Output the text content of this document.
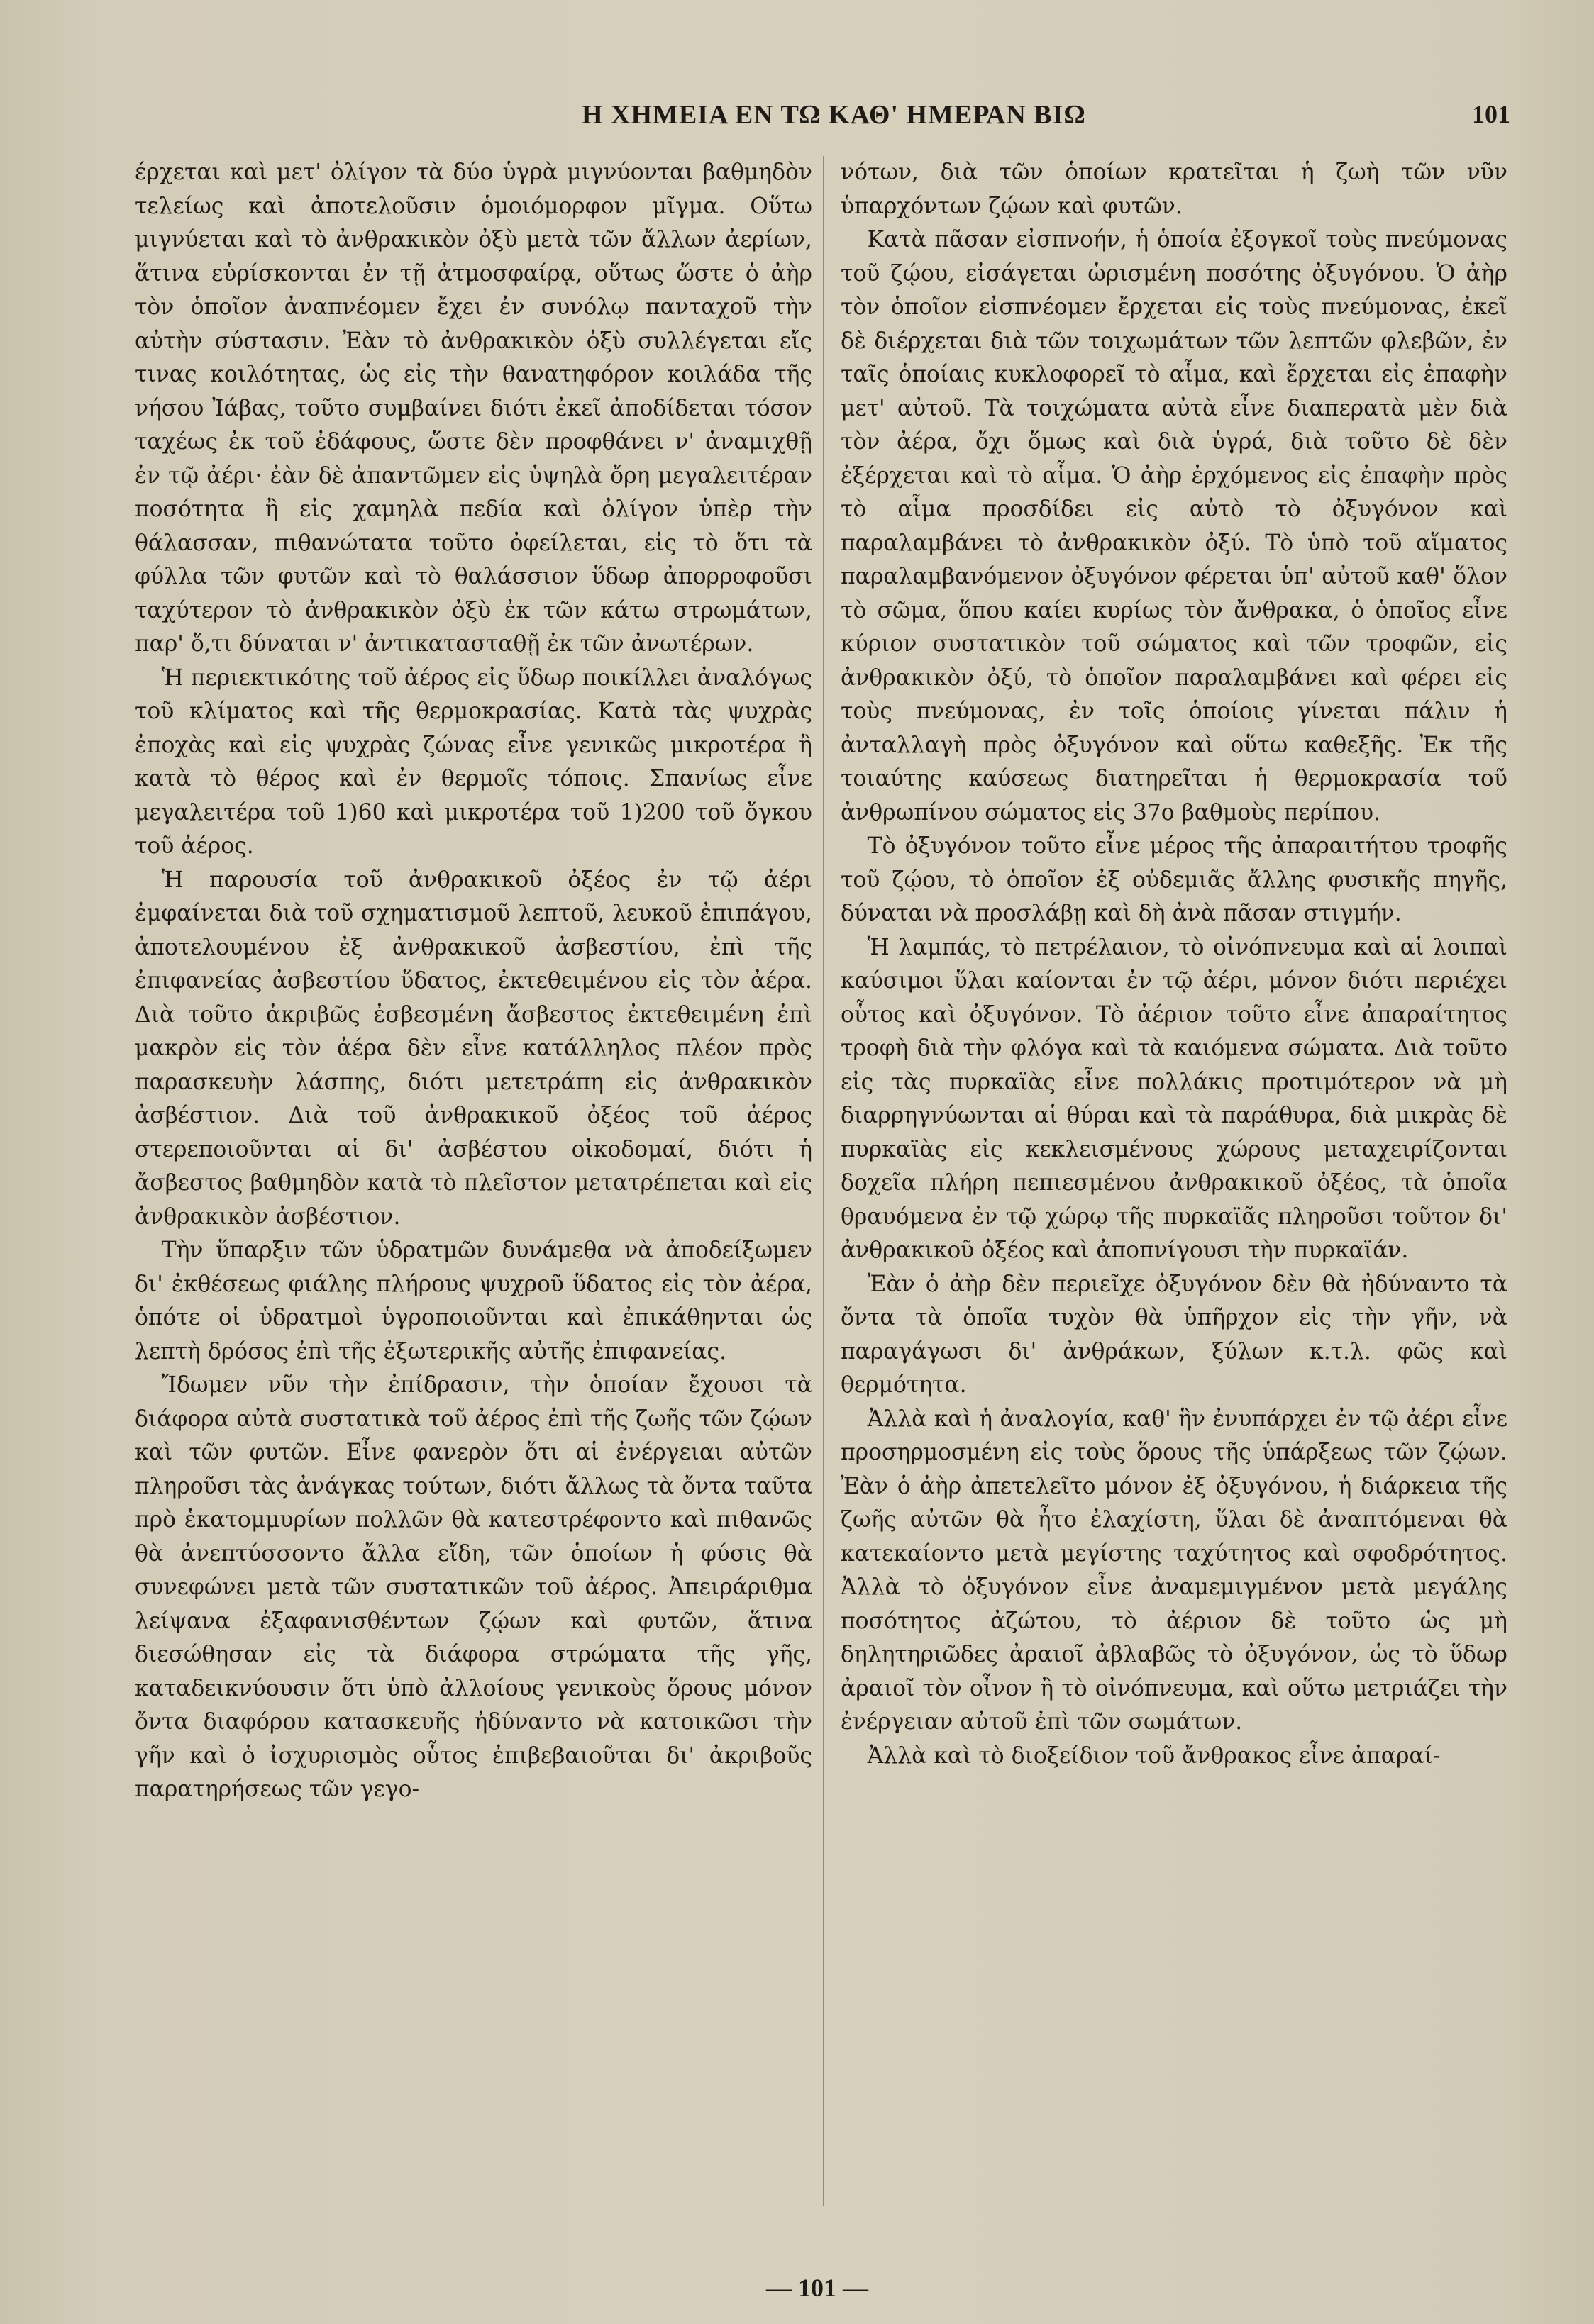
Η ΧΗΜΕΙΑ ΕΝ ΤΩ ΚΑΘ' ΗΜΕΡΑΝ ΒΙΩ	101

έρχεται καὶ μετ' ὀλίγον τὰ δύο ὑγρὰ μιγνύονται βαθμηδὸν τελείως καὶ ἀποτελοῦσιν ὁμοιόμορφον μῖγμα. Οὕτω μιγνύεται καὶ τὸ ἀνθρακικὸν ὀξὺ μετὰ τῶν ἄλλων ἀερίων, ἅτινα εὑρίσκονται ἐν τῇ ἀτμοσφαίρᾳ, οὕτως ὥστε ὁ ἀὴρ τὸν ὁποῖον ἀναπνέομεν ἔχει ἐν συνόλῳ πανταχοῦ τὴν αὐτὴν σύστασιν. Ἐὰν τὸ ἀνθρακικὸν ὀξὺ συλλέγεται εἴς τινας κοιλότητας, ὡς εἰς τὴν θανατηφόρον κοιλάδα τῆς νήσου Ἰάβας, τοῦτο συμβαίνει διότι ἐκεῖ ἀποδίδεται τόσον ταχέως ἐκ τοῦ ἐδάφους, ὥστε δὲν προφθάνει ν' ἀναμιχθῇ ἐν τῷ ἀέρι· ἐὰν δὲ ἀπαντῶμεν εἰς ὑψηλὰ ὄρη μεγαλειτέραν ποσότητα ἢ εἰς χαμηλὰ πεδία καὶ ὀλίγον ὑπὲρ τὴν θάλασσαν, πιθανώτατα τοῦτο ὀφείλεται, εἰς τὸ ὅτι τὰ φύλλα τῶν φυτῶν καὶ τὸ θαλάσσιον ὕδωρ ἀπορροφοῦσι ταχύτερον τὸ ἀνθρακικὸν ὀξὺ ἐκ τῶν κάτω στρωμάτων, παρ' ὅ,τι δύναται ν' ἀντικατασταθῇ ἐκ τῶν ἀνωτέρων.

Ἡ περιεκτικότης τοῦ ἀέρος εἰς ὕδωρ ποικίλλει ἀναλόγως τοῦ κλίματος καὶ τῆς θερμοκρασίας. Κατὰ τὰς ψυχρὰς ἐποχὰς καὶ εἰς ψυχρὰς ζώνας εἶνε γενικῶς μικροτέρα ἢ κατὰ τὸ θέρος καὶ ἐν θερμοῖς τόποις. Σπανίως εἶνε μεγαλειτέρα τοῦ 1)60 καὶ μικροτέρα τοῦ 1)200 τοῦ ὄγκου τοῦ ἀέρος.

Ἡ παρουσία τοῦ ἀνθρακικοῦ ὀξέος ἐν τῷ ἀέρι ἐμφαίνεται διὰ τοῦ σχηματισμοῦ λεπτοῦ, λευκοῦ ἐπιπάγου, ἀποτελουμένου ἐξ ἀνθρακικοῦ ἀσβεστίου, ἐπὶ τῆς ἐπιφανείας ἀσβεστίου ὕδατος, ἐκτεθειμένου εἰς τὸν ἀέρα. Διὰ τοῦτο ἀκριβῶς ἐσβεσμένη ἄσβεστος ἐκτεθειμένη ἐπὶ μακρὸν εἰς τὸν ἀέρα δὲν εἶνε κατάλληλος πλέον πρὸς παρασκευὴν λάσπης, διότι μετετράπη εἰς ἀνθρακικὸν ἀσβέστιον. Διὰ τοῦ ἀνθρακικοῦ ὀξέος τοῦ ἀέρος στερεποιοῦνται αἱ δι' ἀσβέστου οἰκοδομαί, διότι ἡ ἄσβεστος βαθμηδὸν κατὰ τὸ πλεῖστον μετατρέπεται καὶ εἰς ἀνθρακικὸν ἀσβέστιον.

Τὴν ὕπαρξιν τῶν ὑδρατμῶν δυνάμεθα νὰ ἀποδείξωμεν δι' ἐκθέσεως φιάλης πλήρους ψυχροῦ ὕδατος εἰς τὸν ἀέρα, ὁπότε οἱ ὑδρατμοὶ ὑγροποιοῦνται καὶ ἐπικάθηνται ὡς λεπτὴ δρόσος ἐπὶ τῆς ἐξωτερικῆς αὐτῆς ἐπιφανείας.

Ἴδωμεν νῦν τὴν ἐπίδρασιν, τὴν ὁποίαν ἔχουσι τὰ διάφορα αὐτὰ συστατικὰ τοῦ ἀέρος ἐπὶ τῆς ζωῆς τῶν ζῴων καὶ τῶν φυτῶν. Εἶνε φανερὸν ὅτι αἱ ἐνέργειαι αὐτῶν πληροῦσι τὰς ἀνάγκας τούτων, διότι ἄλλως τὰ ὄντα ταῦτα πρὸ ἑκατομμυρίων πολλῶν θὰ κατεστρέφοντο καὶ πιθανῶς θὰ ἀνεπτύσσοντο ἄλλα εἴδη, τῶν ὁποίων ἡ φύσις θὰ συνεφώνει μετὰ τῶν συστατικῶν τοῦ ἀέρος. Ἀπειράριθμα λείψανα ἐξαφανισθέντων ζῴων καὶ φυτῶν, ἅτινα διεσώθησαν εἰς τὰ διάφορα στρώματα τῆς γῆς, καταδεικνύουσιν ὅτι ὑπὸ ἀλλοίους γενικοὺς ὅρους μόνον ὄντα διαφόρου κατασκευῆς ἠδύναντο νὰ κατοικῶσι τὴν γῆν καὶ ὁ ἰσχυρισμὸς οὗτος ἐπιβεβαιοῦται δι' ἀκριβοῦς παρατηρήσεως τῶν γεγο-

νότων, διὰ τῶν ὁποίων κρατεῖται ἡ ζωὴ τῶν νῦν ὑπαρχόντων ζῴων καὶ φυτῶν.

Κατὰ πᾶσαν εἰσπνοήν, ἡ ὁποία ἐξογκοῖ τοὺς πνεύμονας τοῦ ζῴου, εἰσάγεται ὡρισμένη ποσότης ὀξυγόνου. Ὁ ἀὴρ τὸν ὁποῖον εἰσπνέομεν ἔρχεται εἰς τοὺς πνεύμονας, ἐκεῖ δὲ διέρχεται διὰ τῶν τοιχωμάτων τῶν λεπτῶν φλεβῶν, ἐν ταῖς ὁποίαις κυκλοφορεῖ τὸ αἷμα, καὶ ἔρχεται εἰς ἐπαφὴν μετ' αὐτοῦ. Τὰ τοιχώματα αὐτὰ εἶνε διαπερατὰ μὲν διὰ τὸν ἀέρα, ὄχι ὅμως καὶ διὰ ὑγρά, διὰ τοῦτο δὲ δὲν ἐξέρχεται καὶ τὸ αἷμα. Ὁ ἀὴρ ἐρχόμενος εἰς ἐπαφὴν πρὸς τὸ αἷμα προσδίδει εἰς αὐτὸ τὸ ὀξυγόνον καὶ παραλαμβάνει τὸ ἀνθρακικὸν ὀξύ. Τὸ ὑπὸ τοῦ αἵματος παραλαμβανόμενον ὀξυγόνον φέρεται ὑπ' αὐτοῦ καθ' ὅλον τὸ σῶμα, ὅπου καίει κυρίως τὸν ἄνθρακα, ὁ ὁποῖος εἶνε κύριον συστατικὸν τοῦ σώματος καὶ τῶν τροφῶν, εἰς ἀνθρακικὸν ὀξύ, τὸ ὁποῖον παραλαμβάνει καὶ φέρει εἰς τοὺς πνεύμονας, ἐν τοῖς ὁποίοις γίνεται πάλιν ἡ ἀνταλλαγὴ πρὸς ὀξυγόνον καὶ οὕτω καθεξῆς. Ἐκ τῆς τοιαύτης καύσεως διατηρεῖται ἡ θερμοκρασία τοῦ ἀνθρωπίνου σώματος εἰς 37ο βαθμοὺς περίπου.

Τὸ ὀξυγόνον τοῦτο εἶνε μέρος τῆς ἀπαραιτήτου τροφῆς τοῦ ζῴου, τὸ ὁποῖον ἐξ οὐδεμιᾶς ἄλλης φυσικῆς πηγῆς, δύναται νὰ προσλάβῃ καὶ δὴ ἀνὰ πᾶσαν στιγμήν.

Ἡ λαμπάς, τὸ πετρέλαιον, τὸ οἰνόπνευμα καὶ αἱ λοιπαὶ καύσιμοι ὕλαι καίονται ἐν τῷ ἀέρι, μόνον διότι περιέχει οὗτος καὶ ὀξυγόνον. Τὸ ἀέριον τοῦτο εἶνε ἀπαραίτητος τροφὴ διὰ τὴν φλόγα καὶ τὰ καιόμενα σώματα. Διὰ τοῦτο εἰς τὰς πυρκαϊὰς εἶνε πολλάκις προτιμότερον νὰ μὴ διαρρηγνύωνται αἱ θύραι καὶ τὰ παράθυρα, διὰ μικρὰς δὲ πυρκαϊὰς εἰς κεκλεισμένους χώρους μεταχειρίζονται δοχεῖα πλήρη πεπιεσμένου ἀνθρακικοῦ ὀξέος, τὰ ὁποῖα θραυόμενα ἐν τῷ χώρῳ τῆς πυρκαϊᾶς πληροῦσι τοῦτον δι' ἀνθρακικοῦ ὀξέος καὶ ἀποπνίγουσι τὴν πυρκαϊάν.

Ἐὰν ὁ ἀὴρ δὲν περιεῖχε ὀξυγόνον δὲν θὰ ἠδύναντο τὰ ὄντα τὰ ὁποῖα τυχὸν θὰ ὑπῆρχον εἰς τὴν γῆν, νὰ παραγάγωσι δι' ἀνθράκων, ξύλων κ.τ.λ. φῶς καὶ θερμότητα.

Ἀλλὰ καὶ ἡ ἀναλογία, καθ' ἣν ἐνυπάρχει ἐν τῷ ἀέρι εἶνε προσηρμοσμένη εἰς τοὺς ὅρους τῆς ὑπάρξεως τῶν ζῴων. Ἐὰν ὁ ἀὴρ ἀπετελεῖτο μόνον ἐξ ὀξυγόνου, ἡ διάρκεια τῆς ζωῆς αὐτῶν θὰ ἦτο ἐλαχίστη, ὕλαι δὲ ἀναπτόμεναι θὰ κατεκαίοντο μετὰ μεγίστης ταχύτητος καὶ σφοδρότητος. Ἀλλὰ τὸ ὀξυγόνον εἶνε ἀναμεμιγμένον μετὰ μεγάλης ποσότητος ἀζώτου, τὸ ἀέριον δὲ τοῦτο ὡς μὴ δηλητηριῶδες ἀραιοῖ ἀβλαβῶς τὸ ὀξυγόνον, ὡς τὸ ὕδωρ ἀραιοῖ τὸν οἶνον ἢ τὸ οἰνόπνευμα, καὶ οὕτω μετριάζει τὴν ἐνέργειαν αὐτοῦ ἐπὶ τῶν σωμάτων.

Ἀλλὰ καὶ τὸ διοξείδιον τοῦ ἄνθρακος εἶνε ἀπαραί-

— 101 —
